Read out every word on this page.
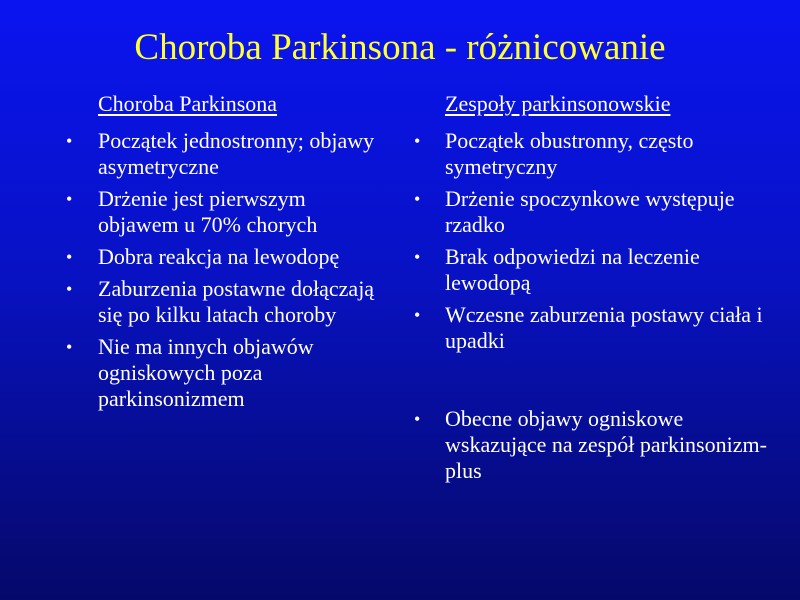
Choroba Parkinsona - różnicowanie
Choroba Parkinsona
• Początek jednostronny; objawy asymetryczne
• Drżenie jest pierwszym objawem u 70% chorych
• Dobra reakcja na lewodopę
• Zaburzenia postawne dołączają się po kilku latach choroby
• Nie ma innych objawów ogniskowych poza parkinsonizmem
Zespoły parkinsonowskie
• Początek obustronny, często symetryczny
• Drżenie spoczynkowe występuje rzadko
• Brak odpowiedzi na leczenie lewodopą
• Wczesne zaburzenia postawy ciała i upadki
• Obecne objawy ogniskowe wskazujące na zespół parkinsonizm-plus
